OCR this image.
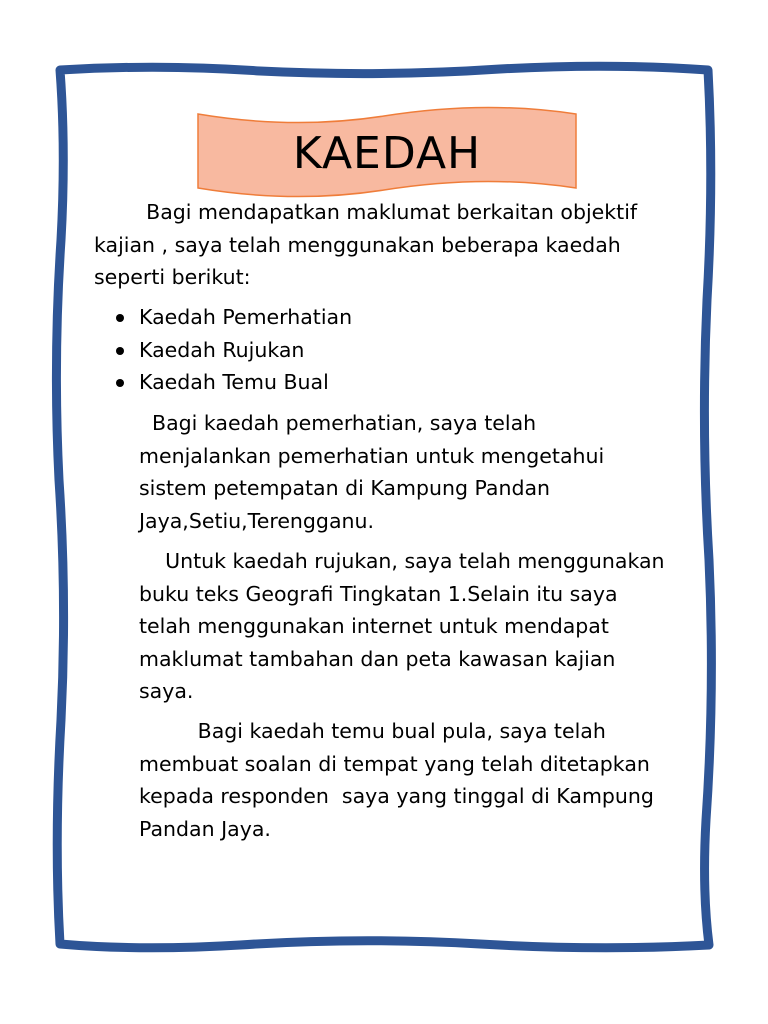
KAEDAH
Bagi mendapatkan maklumat berkaitan objektif
kajian , saya telah menggunakan beberapa kaedah
seperti berikut:
Kaedah Pemerhatian
Kaedah Rujukan
Kaedah Temu Bual
Bagi kaedah pemerhatian, saya telah
menjalankan pemerhatian untuk mengetahui
sistem petempatan di Kampung Pandan
Jaya,Setiu,Terengganu.
Untuk kaedah rujukan, saya telah menggunakan
buku teks Geografi Tingkatan 1.Selain itu saya
telah menggunakan internet untuk mendapat
maklumat tambahan dan peta kawasan kajian
saya.
Bagi kaedah temu bual pula, saya telah
membuat soalan di tempat yang telah ditetapkan
kepada responden  saya yang tinggal di Kampung
Pandan Jaya.
